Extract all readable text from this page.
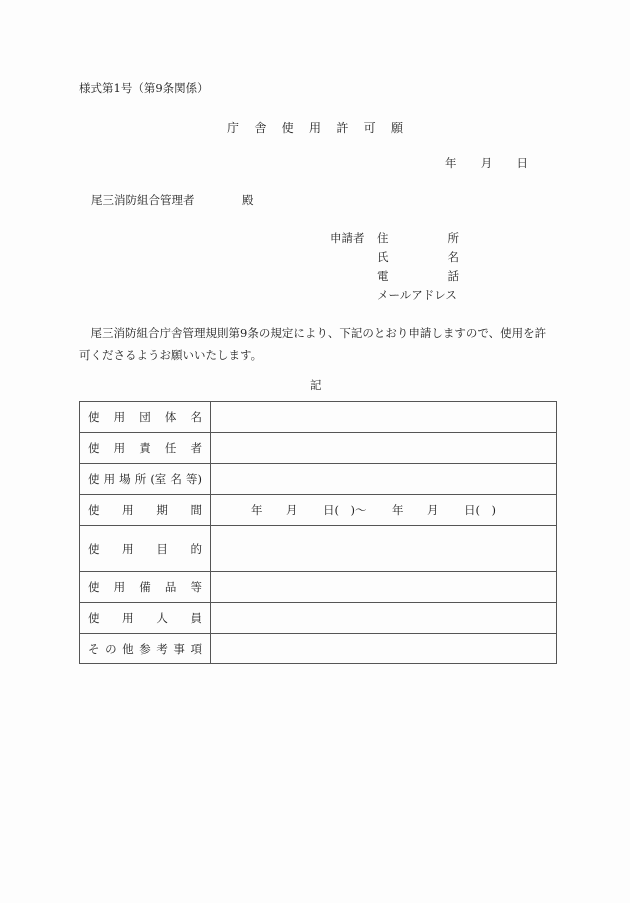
様式第1号（第9条関係）
庁 舎 使 用 許 可 願
年 月 日
尾三消防組合管理者	殿
申請者 住	所
氏	名
電	話
メールアドレス
　尾三消防組合庁舎管理規則第9条の規定により、下記のとおり申請しますので、使用を許
可くださるようお願いいたします。
記
使 用 団 体 名	

使 用 責 任 者	

使 用 場 所 (室 名 等)

使 用 期 間	年	月	日(　)～	年	月	日(　)

使 用 目 的	

使 用 備 品 等	

使 用 人 員	

そ の 他 参 考 事 項
